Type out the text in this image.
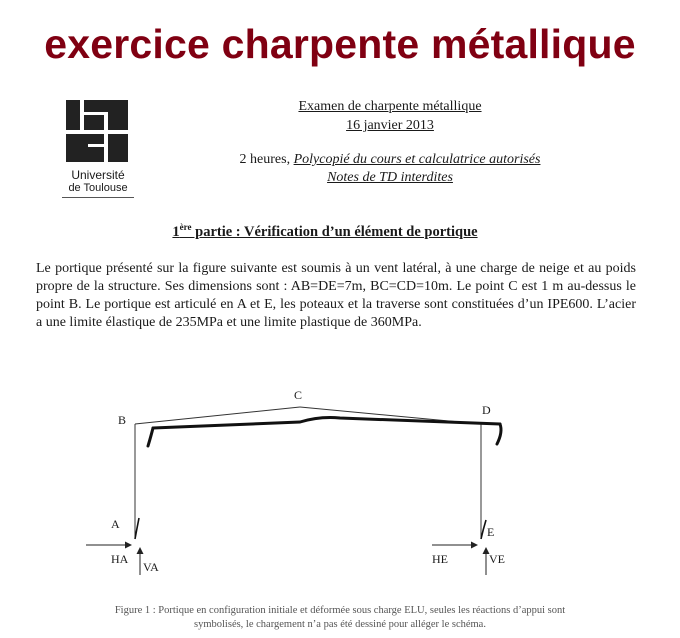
exercice charpente métallique
Université
de Toulouse
Examen de charpente métallique
16 janvier 2013
2 heures, Polycopié du cours et calculatrice autorisés
Notes de TD interdites
1ère partie : Vérification d’un élément de portique
Le portique présenté sur la figure suivante est soumis à un vent latéral, à une charge de neige et au poids propre de la structure. Ses dimensions sont : AB=DE=7m, BC=CD=10m. Le point C est 1 m au-dessus le point B. Le portique est articulé en A et E, les poteaux et la traverse sont constituées d’un IPE600. L’acier a une limite élastique de 235MPa et une limite plastique de 360MPa.
B
C
D
A
E
HA
VA
HE	VE
Figure 1 : Portique en configuration initiale et déformée sous charge ELU, seules les réactions d’appui sont
symbolisés, le chargement n’a pas été dessiné pour alléger le schéma.
